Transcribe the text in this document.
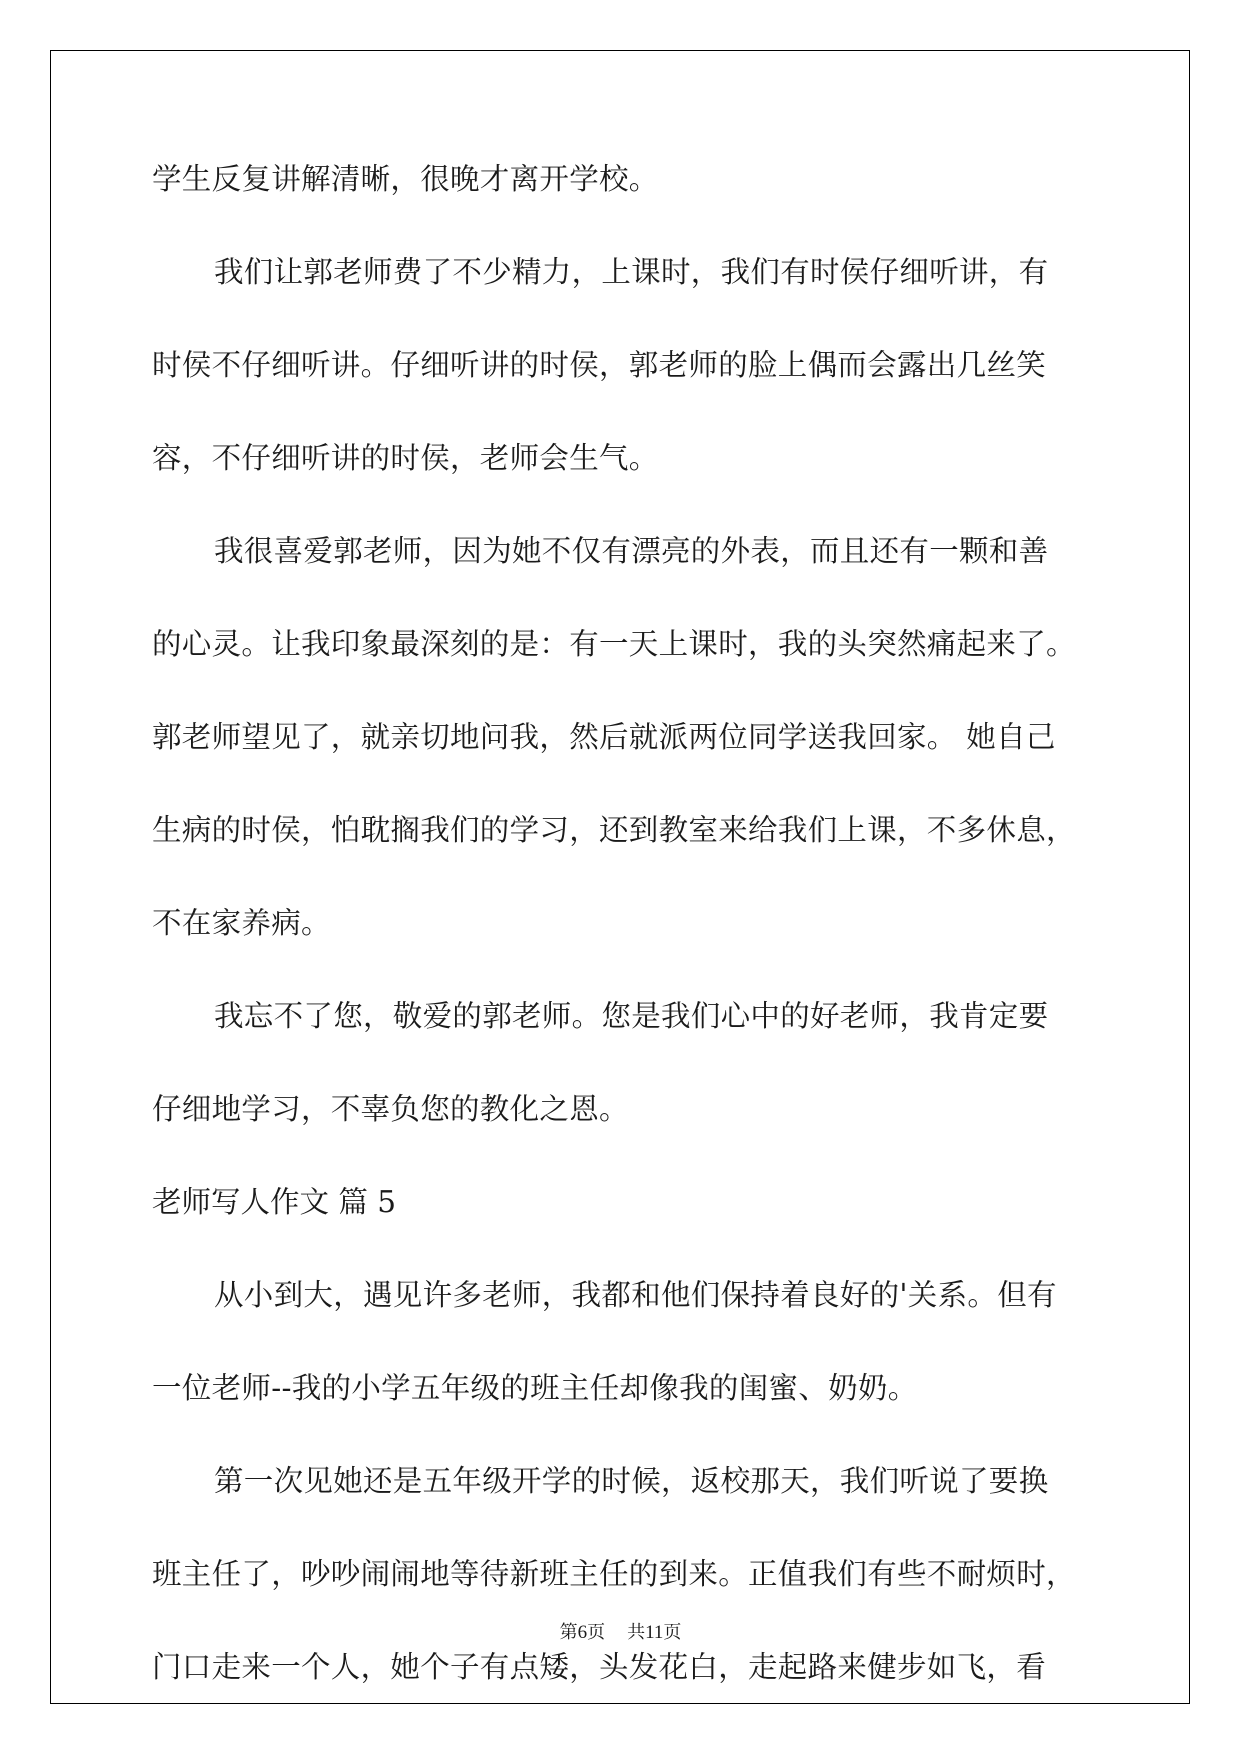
学生反复讲解清晰，很晚才离开学校。
我们让郭老师费了不少精力，上课时，我们有时侯仔细听讲，有
时侯不仔细听讲。仔细听讲的时侯，郭老师的脸上偶而会露出几丝笑
容，不仔细听讲的时侯，老师会生气。
我很喜爱郭老师，因为她不仅有漂亮的外表，而且还有一颗和善
的心灵。让我印象最深刻的是：有一天上课时，我的头突然痛起来了。
郭老师望见了，就亲切地问我，然后就派两位同学送我回家。 她自己
生病的时侯，怕耽搁我们的学习，还到教室来给我们上课，不多休息，
不在家养病。
我忘不了您，敬爱的郭老师。您是我们心中的好老师，我肯定要
仔细地学习，不辜负您的教化之恩。
老师写人作文 篇 5
从小到大，遇见许多老师，我都和他们保持着良好的'关系。但有
一位老师--我的小学五年级的班主任却像我的闺蜜、奶奶。
第一次见她还是五年级开学的时候，返校那天，我们听说了要换
班主任了，吵吵闹闹地等待新班主任的到来。正值我们有些不耐烦时，
门口走来一个人，她个子有点矮，头发花白，走起路来健步如飞，看
第6页 共11页
